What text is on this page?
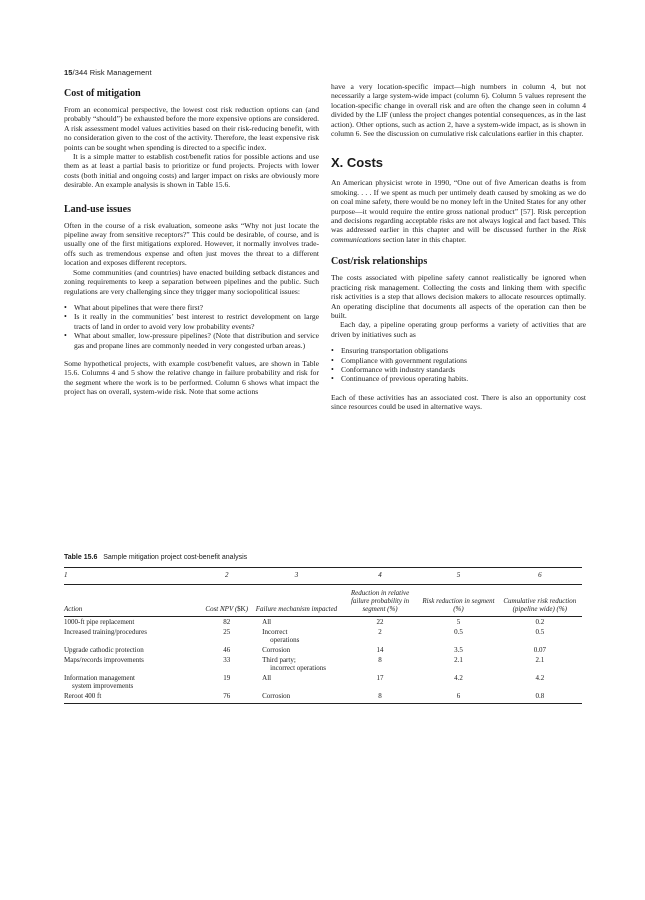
15/344 Risk Management
Cost of mitigation

From an economical perspective, the lowest cost risk reduction options can (and probably “should”) be exhausted before the more expensive options are considered. A risk assessment model values activities based on their risk-reducing benefit, with no consideration given to the cost of the activity. Therefore, the least expensive risk points can be sought when spending is directed to a specific index.

It is a simple matter to establish cost/benefit ratios for possible actions and use them as at least a partial basis to prioritize or fund projects. Projects with lower costs (both initial and ongoing costs) and larger impact on risks are obviously more desirable. An example analysis is shown in Table 15.6.

Land-use issues

Often in the course of a risk evaluation, someone asks “Why not just locate the pipeline away from sensitive receptors?” This could be desirable, of course, and is usually one of the first mitigations explored. However, it normally involves trade-offs such as tremendous expense and often just moves the threat to a different location and exposes different receptors.

Some communities (and countries) have enacted building setback distances and zoning requirements to keep a separation between pipelines and the public. Such regulations are very challenging since they trigger many sociopolitical issues:

• What about pipelines that were there first?
• Is it really in the communities’ best interest to restrict development on large tracts of land in order to avoid very low probability events?
• What about smaller, low-pressure pipelines? (Note that distribution and service gas and propane lines are commonly needed in very congested urban areas.)

Some hypothetical projects, with example cost/benefit values, are shown in Table 15.6. Columns 4 and 5 show the relative change in failure probability and risk for the segment where the work is to be performed. Column 6 shows what impact the project has on overall, system-wide risk. Note that some actions

have a very location-specific impact—high numbers in column 4, but not necessarily a large system-wide impact (column 6). Column 5 values represent the location-specific change in overall risk and are often the change seen in column 4 divided by the LIF (unless the project changes potential consequences, as in the last action). Other options, such as action 2, have a system-wide impact, as is shown in column 6. See the discussion on cumulative risk calculations earlier in this chapter.

X. Costs

An American physicist wrote in 1990, “One out of five American deaths is from smoking. . . . If we spent as much per untimely death caused by smoking as we do on coal mine safety, there would be no money left in the United States for any other purpose—it would require the entire gross national product” [57]. Risk perception and decisions regarding acceptable risks are not always logical and fact based. This was addressed earlier in this chapter and will be discussed further in the Risk communications section later in this chapter.

Cost/risk relationships

The costs associated with pipeline safety cannot realistically be ignored when practicing risk management. Collecting the costs and linking them with specific risk activities is a step that allows decision makers to allocate resources optimally. An operating discipline that documents all aspects of the operation can then be built.

Each day, a pipeline operating group performs a variety of activities that are driven by initiatives such as

• Ensuring transportation obligations
• Compliance with government regulations
• Conformance with industry standards
• Continuance of previous operating habits.

Each of these activities has an associated cost. There is also an opportunity cost since resources could be used in alternative ways.

Table 15.6 Sample mitigation project cost-benefit analysis
1	2	3	4	5	6
Action	Cost NPV ($K)	Failure mechanism impacted	Reduction in relative failure probability in segment (%)	Risk reduction in segment (%)	Cumulative risk reduction (pipeline wide) (%)
1000-ft pipe replacement	82	All	22	5	0.2
Increased training/procedures	25	Incorrect
operations	2	0.5	0.5
Upgrade cathodic protection	46	Corrosion	14	3.5	0.07
Maps/records improvements	33	Third party;
incorrect operations	8	2.1	2.1
Information management
system improvements	19	All	17	4.2	4.2
Reroot 400 ft	76	Corrosion	8	6	0.8
